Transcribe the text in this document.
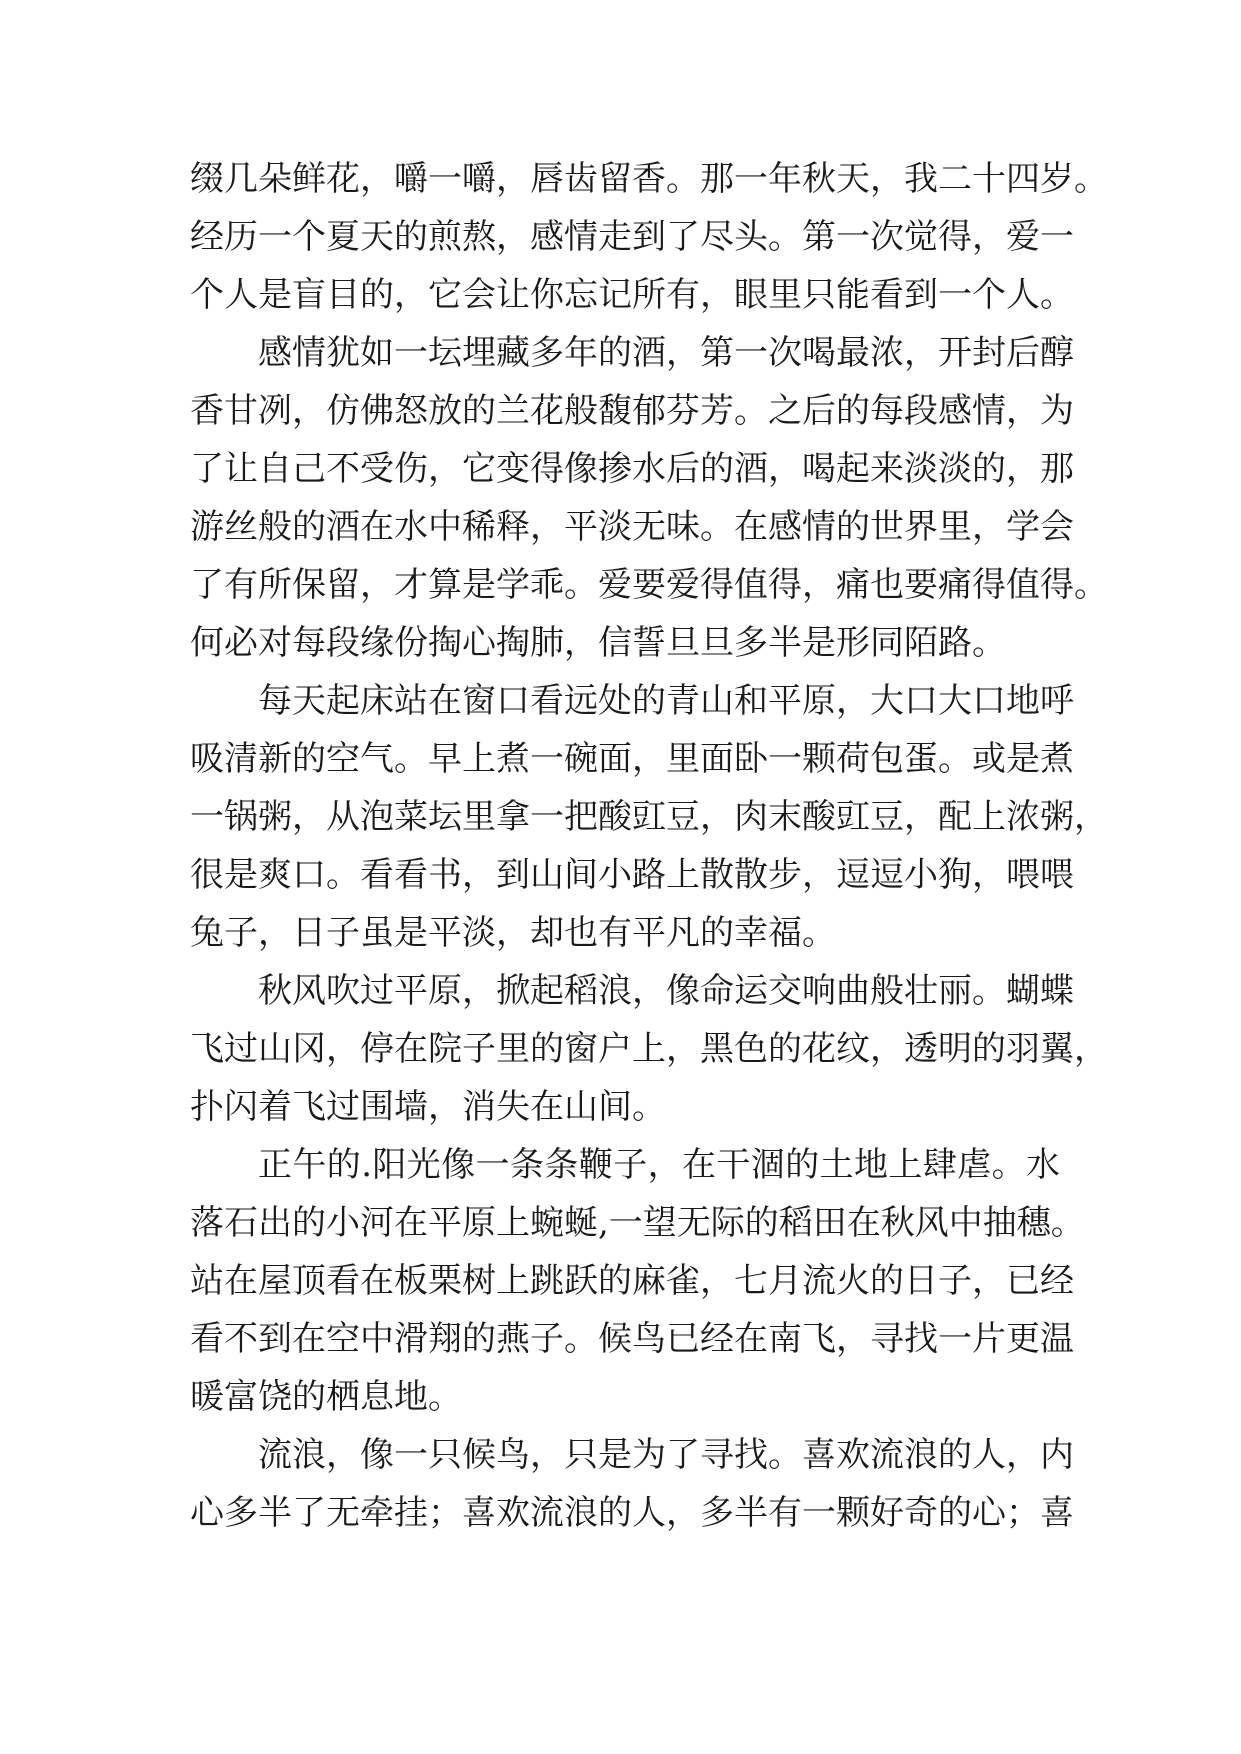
缀几朵鲜花，嚼一嚼，唇齿留香。那一年秋天，我二十四岁。
经历一个夏天的煎熬，感情走到了尽头。第一次觉得，爱一
个人是盲目的，它会让你忘记所有，眼里只能看到一个人。
感情犹如一坛埋藏多年的酒，第一次喝最浓，开封后醇
香甘冽，仿佛怒放的兰花般馥郁芬芳。之后的每段感情，为
了让自己不受伤，它变得像掺水后的酒，喝起来淡淡的，那
游丝般的酒在水中稀释，平淡无味。在感情的世界里，学会
了有所保留，才算是学乖。爱要爱得值得，痛也要痛得值得。
何必对每段缘份掏心掏肺，信誓旦旦多半是形同陌路。
每天起床站在窗口看远处的青山和平原，大口大口地呼
吸清新的空气。早上煮一碗面，里面卧一颗荷包蛋。或是煮
一锅粥，从泡菜坛里拿一把酸豇豆，肉末酸豇豆，配上浓粥，
很是爽口。看看书，到山间小路上散散步，逗逗小狗，喂喂
兔子，日子虽是平淡，却也有平凡的幸福。
秋风吹过平原，掀起稻浪，像命运交响曲般壮丽。蝴蝶
飞过山冈，停在院子里的窗户上，黑色的花纹，透明的羽翼，
扑闪着飞过围墙，消失在山间。
正午的.阳光像一条条鞭子，在干涸的土地上肆虐。水
落石出的小河在平原上蜿蜒,一望无际的稻田在秋风中抽穗。
站在屋顶看在板栗树上跳跃的麻雀，七月流火的日子，已经
看不到在空中滑翔的燕子。候鸟已经在南飞，寻找一片更温
暖富饶的栖息地。
流浪，像一只候鸟，只是为了寻找。喜欢流浪的人，内
心多半了无牵挂；喜欢流浪的人，多半有一颗好奇的心；喜
